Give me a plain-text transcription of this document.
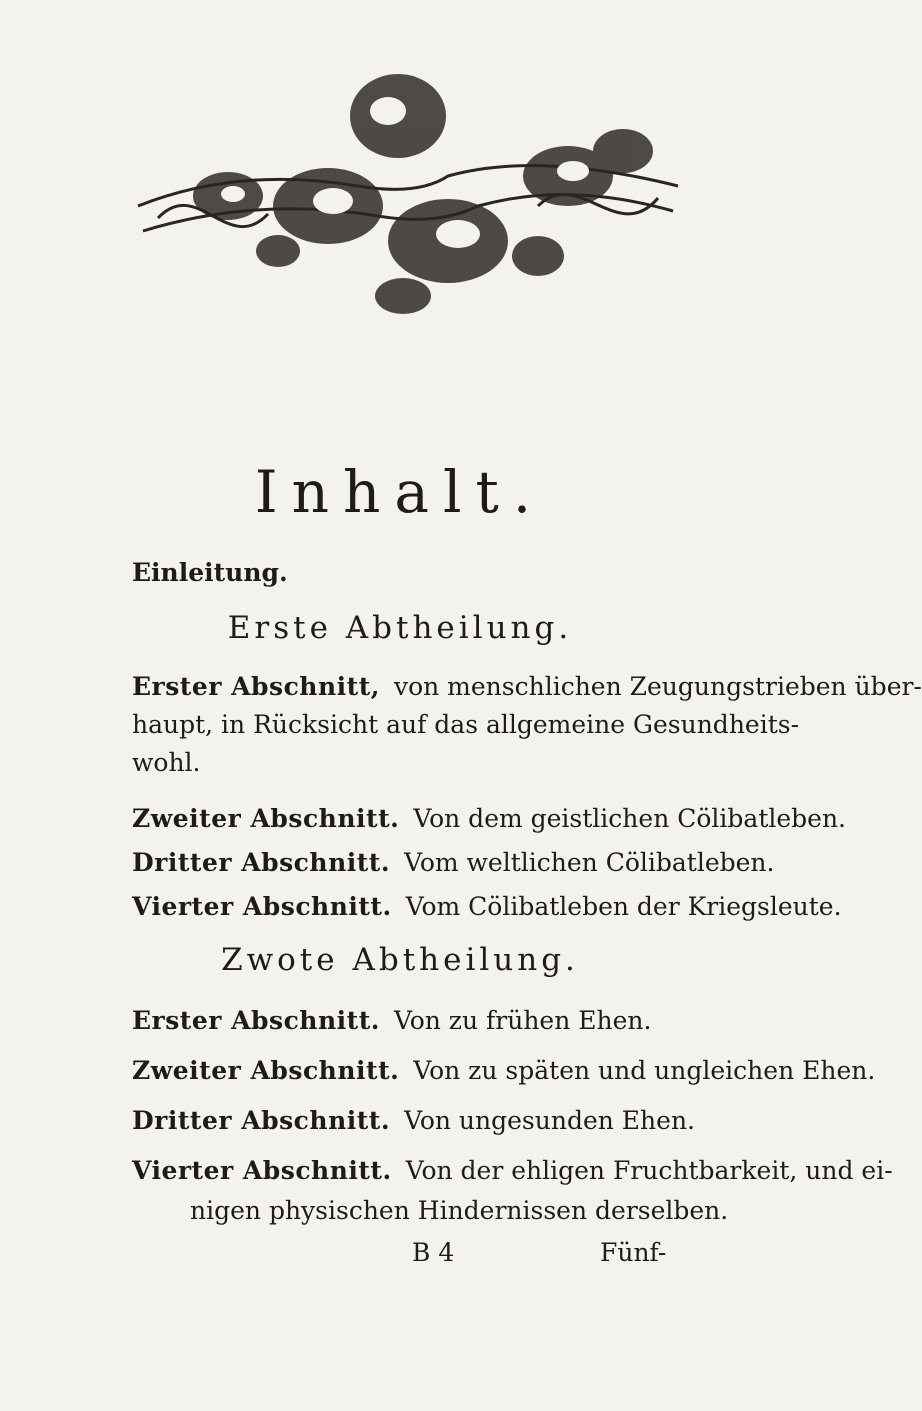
Inhalt.
Einleitung.
Erste Abtheilung.
Erster Abschnitt, von menschlichen Zeugungstrieben über-
haupt, in Rücksicht auf das allgemeine Gesundheits-
wohl.
Zweiter Abschnitt. Von dem geistlichen Cölibatleben.
Dritter Abschnitt. Vom weltlichen Cölibatleben.
Vierter Abschnitt. Vom Cölibatleben der Kriegsleute.
Zwote Abtheilung.
Erster Abschnitt. Von zu frühen Ehen.
Zweiter Abschnitt. Von zu späten und ungleichen Ehen.
Dritter Abschnitt. Von ungesunden Ehen.
Vierter Abschnitt. Von der ehligen Fruchtbarkeit, und ei-
nigen physischen Hindernissen derselben.
B 4	Fünf-
